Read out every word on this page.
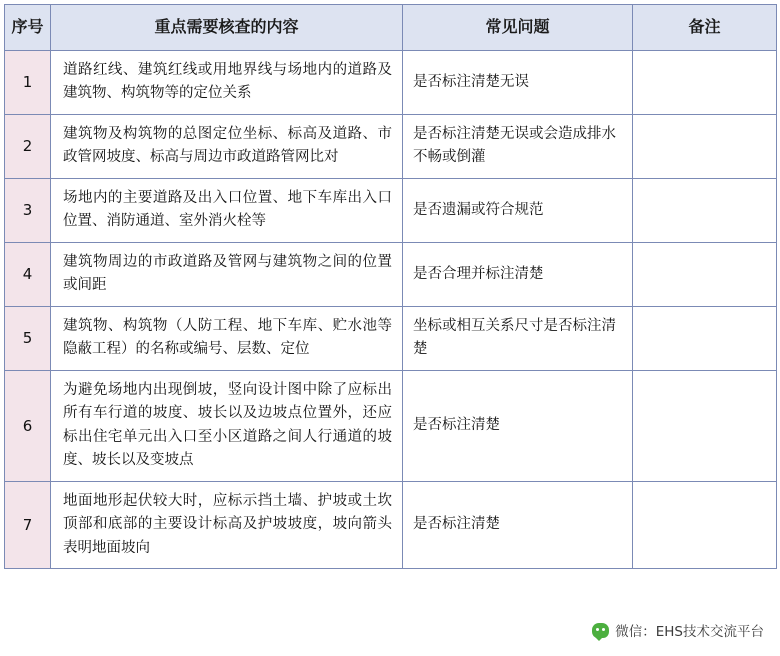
序号	重点需要核查的内容	常见问题	备注
1	道路红线、建筑红线或用地界线与场地内的道路及建筑物、构筑物等的定位关系	是否标注清楚无误	
2	建筑物及构筑物的总图定位坐标、标高及道路、市政管网坡度、标高与周边市政道路管网比对	是否标注清楚无误或会造成排水不畅或倒灌	
3	场地内的主要道路及出入口位置、地下车库出入口位置、消防通道、室外消火栓等	是否遗漏或符合规范	
4	建筑物周边的市政道路及管网与建筑物之间的位置或间距	是否合理并标注清楚	
5	建筑物、构筑物（人防工程、地下车库、贮水池等隐蔽工程）的名称或编号、层数、定位	坐标或相互关系尺寸是否标注清楚	
6	为避免场地内出现倒坡，竖向设计图中除了应标出所有车行道的坡度、坡长以及边坡点位置外，还应标出住宅单元出入口至小区道路之间人行通道的坡度、坡长以及变坡点	是否标注清楚	
7	地面地形起伏较大时，应标示挡土墙、护坡或土坎顶部和底部的主要设计标高及护坡坡度，坡向箭头表明地面坡向	是否标注清楚	
微信：EHS技术交流平台
